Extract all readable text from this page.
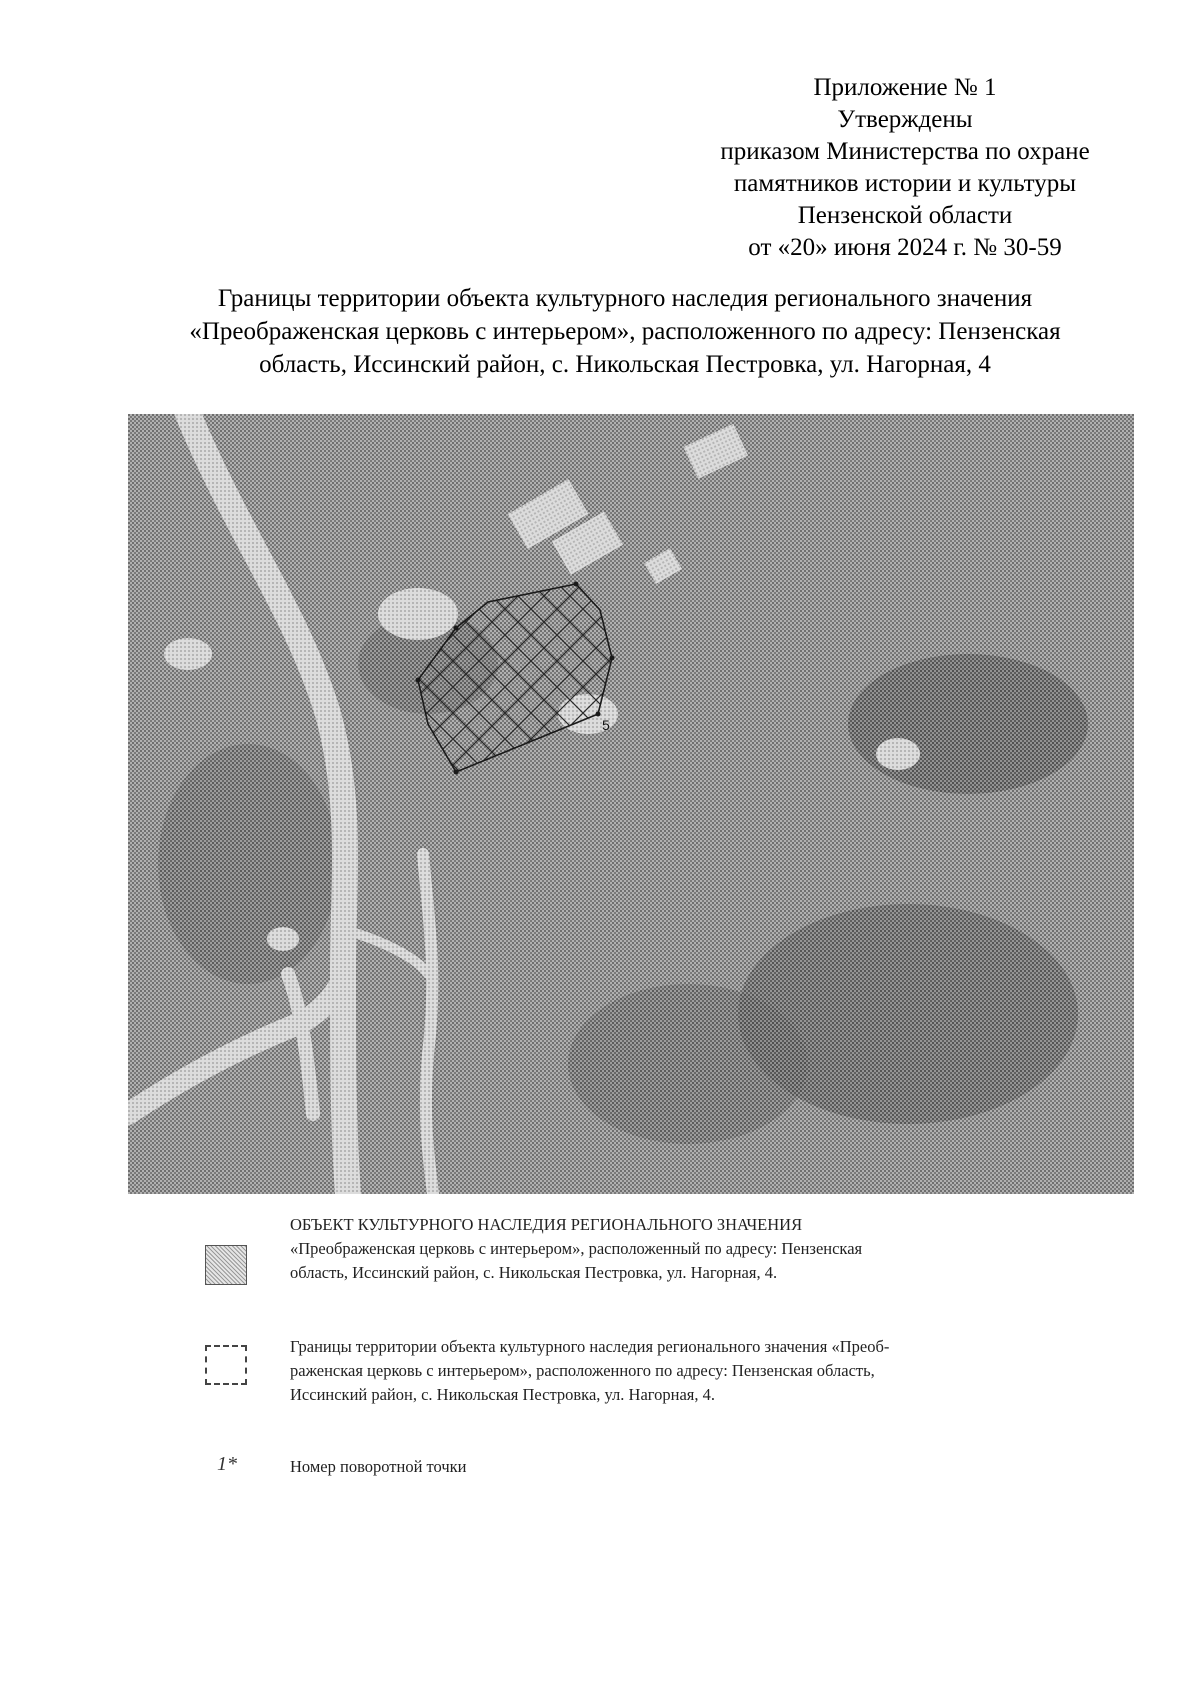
Приложение № 1
Утверждены
приказом Министерства по охране
памятников истории и культуры
Пензенской области
от «20» июня 2024 г. № 30-59
Границы территории объекта культурного наследия регионального значения
«Преображенская церковь с интерьером», расположенного по адресу: Пензенская
область, Иссинский район, с. Никольская Пестровка, ул. Нагорная, 4
5
ОБЪЕКТ КУЛЬТУРНОГО НАСЛЕДИЯ РЕГИОНАЛЬНОГО ЗНАЧЕНИЯ
«Преображенская церковь с интерьером», расположенный по адресу: Пензенская
область, Иссинский район, с. Никольская Пестровка, ул. Нагорная, 4.
Границы территории объекта культурного наследия регионального значения «Преоб-
раженская церковь с интерьером», расположенного по адресу: Пензенская область,
Иссинский район, с. Никольская Пестровка, ул. Нагорная, 4.
1*	Номер поворотной точки
